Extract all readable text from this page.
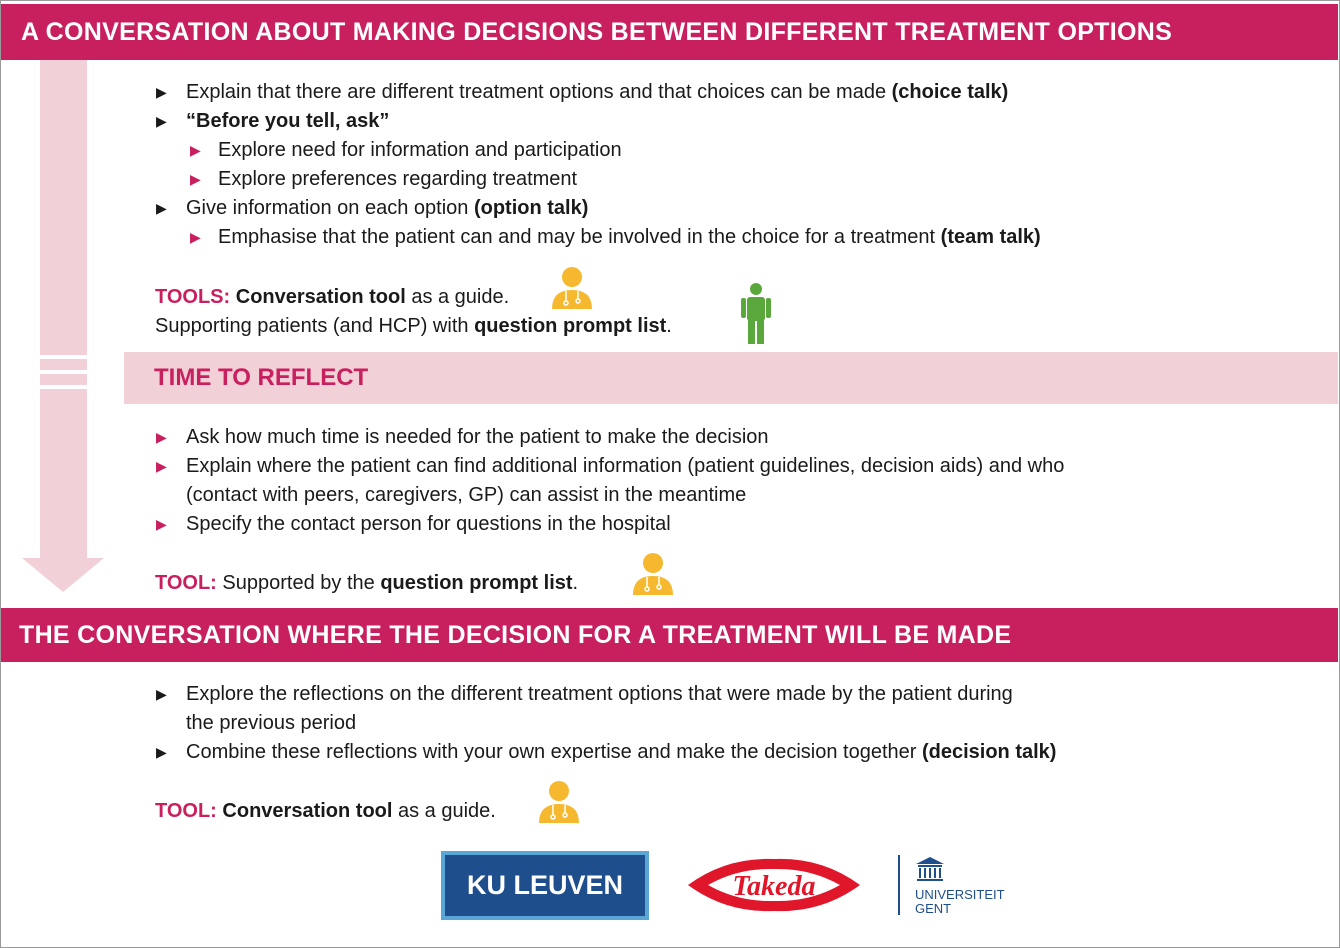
A CONVERSATION ABOUT MAKING DECISIONS BETWEEN DIFFERENT TREATMENT OPTIONS
▶ Explain that there are different treatment options and that choices can be made (choice talk)
▶ “Before you tell, ask”
▶ Explore need for information and participation
▶ Explore preferences regarding treatment
▶ Give information on each option (option talk)
▶ Emphasise that the patient can and may be involved in the choice for a treatment (team talk)
TOOLS: Conversation tool as a guide.
Supporting patients (and HCP) with question prompt list.
TIME TO REFLECT
▶ Ask how much time is needed for the patient to make the decision
▶ Explain where the patient can find additional information (patient guidelines, decision aids) and who
(contact with peers, caregivers, GP) can assist in the meantime
▶ Specify the contact person for questions in the hospital
TOOL: Supported by the question prompt list.
THE CONVERSATION WHERE THE DECISION FOR A TREATMENT WILL BE MADE
▶ Explore the reflections on the different treatment options that were made by the patient during
the previous period
▶ Combine these reflections with your own expertise and make the decision together (decision talk)
TOOL: Conversation tool as a guide.
KU LEUVEN	Takeda	UNIVERSITEIT
GENT
